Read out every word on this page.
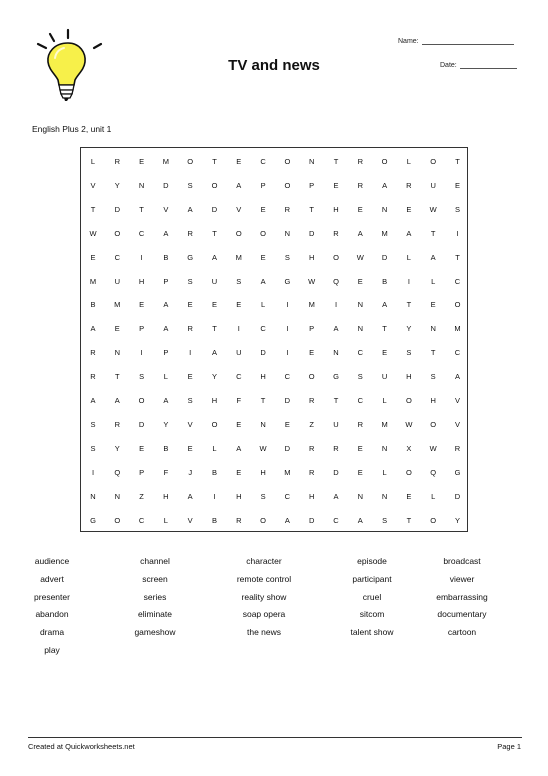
TV and news
Name:
Date:
English Plus 2, unit 1
L	R	E	M	O	T	E	C	O	N	T	R	O	L	O	T
V	Y	N	D	S	O	A	P	O	P	E	R	A	R	U	E
T	D	T	V	A	D	V	E	R	T	H	E	N	E	W	S
W	O	C	A	R	T	O	O	N	D	R	A	M	A	T	I
E	C	I	B	G	A	M	E	S	H	O	W	D	L	A	T
M	U	H	P	S	U	S	A	G	W	Q	E	B	I	L	C
B	M	E	A	E	E	E	L	I	M	I	N	A	T	E	O
A	E	P	A	R	T	I	C	I	P	A	N	T	Y	N	M
R	N	I	P	I	A	U	D	I	E	N	C	E	S	T	C
R	T	S	L	E	Y	C	H	C	O	G	S	U	H	S	A
A	A	O	A	S	H	F	T	D	R	T	C	L	O	H	V
S	R	D	Y	V	O	E	N	E	Z	U	R	M	W	O	V
S	Y	E	B	E	L	A	W	D	R	R	E	N	X	W	R
I	Q	P	F	J	B	E	H	M	R	D	E	L	O	Q	G
N	N	Z	H	A	I	H	S	C	H	A	N	N	E	L	D
G	O	C	L	V	B	R	O	A	D	C	A	S	T	O	Y
audience	channel	character	episode	broadcast
advert	screen	remote control	participant	viewer
presenter	series	reality show	cruel	embarrassing
abandon	eliminate	soap opera	sitcom	documentary
drama	gameshow	the news	talent show	cartoon
play
Created at Quickworksheets.net	Page 1
